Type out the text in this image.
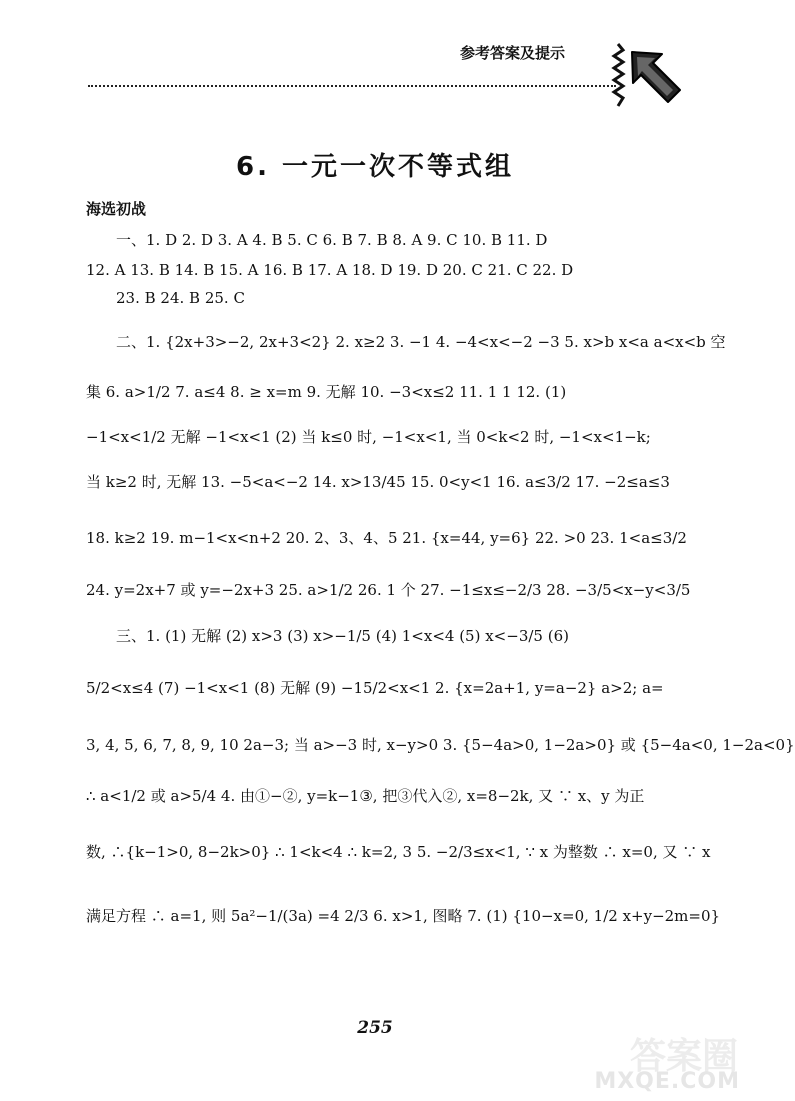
参考答案及提示
6. 一元一次不等式组
海选初战
一、1. D 2. D 3. A 4. B 5. C 6. B 7. B 8. A 9. C 10. B 11. D
12. A 13. B 14. B 15. A 16. B 17. A 18. D 19. D 20. C 21. C 22. D
23. B 24. B 25. C
二、1. {2x+3>−2, 2x+3<2} 2. x≥2 3. −1 4. −4<x<−2 −3 5. x>b x<a a<x<b 空
集 6. a>1/2 7. a≤4 8. ≥ x=m 9. 无解 10. −3<x≤2 11. 1 1 12. (1)
−1<x<1/2 无解 −1<x<1 (2) 当 k≤0 时, −1<x<1, 当 0<k<2 时, −1<x<1−k;
当 k≥2 时, 无解 13. −5<a<−2 14. x>13/45 15. 0<y<1 16. a≤3/2 17. −2≤a≤3
18. k≥2 19. m−1<x<n+2 20. 2、3、4、5 21. {x=44, y=6} 22. >0 23. 1<a≤3/2
24. y=2x+7 或 y=−2x+3 25. a>1/2 26. 1 个 27. −1≤x≤−2/3 28. −3/5<x−y<3/5
三、1. (1) 无解 (2) x>3 (3) x>−1/5 (4) 1<x<4 (5) x<−3/5 (6)
5/2<x≤4 (7) −1<x<1 (8) 无解 (9) −15/2<x<1 2. {x=2a+1, y=a−2} a>2; a=
3, 4, 5, 6, 7, 8, 9, 10 2a−3; 当 a>−3 时, x−y>0 3. {5−4a>0, 1−2a>0} 或 {5−4a<0, 1−2a<0}
∴ a<1/2 或 a>5/4 4. 由①−②, y=k−1③, 把③代入②, x=8−2k, 又 ∵ x、y 为正
数, ∴{k−1>0, 8−2k>0} ∴ 1<k<4 ∴ k=2, 3 5. −2/3≤x<1, ∵ x 为整数 ∴ x=0, 又 ∵ x
满足方程 ∴ a=1, 则 5a²−1/(3a) =4 2/3 6. x>1, 图略 7. (1) {10−x=0, 1/2 x+y−2m=0}
255
答案圈
MXQE.COM
